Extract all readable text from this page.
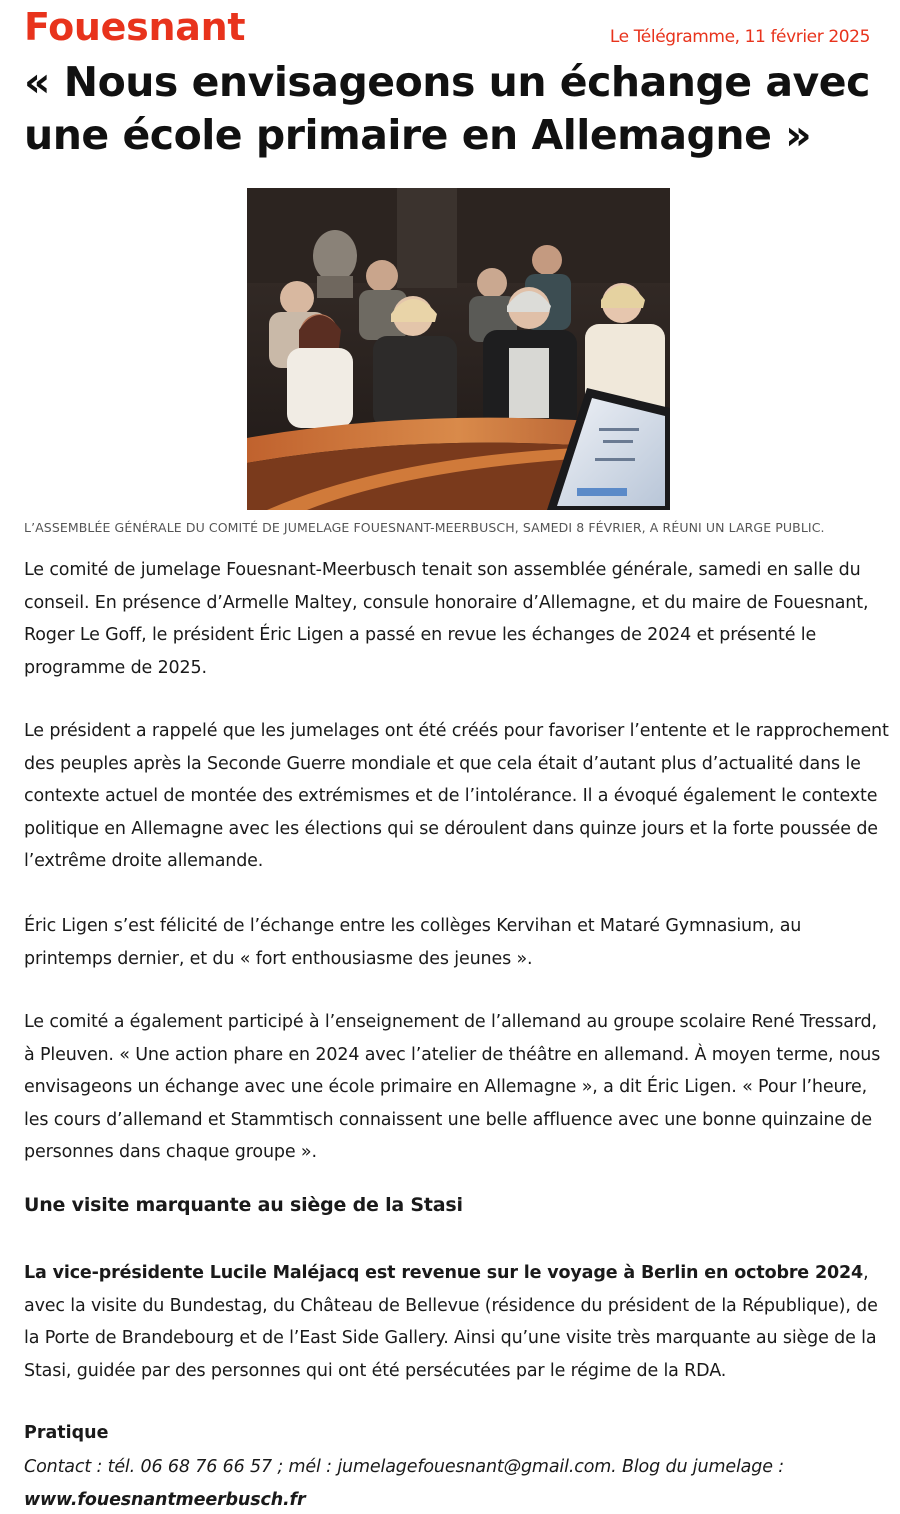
Fouesnant	Le Télégramme, 11 février 2025
« Nous envisageons un échange avec une école primaire en Allemagne »
L’ASSEMBLÉE GÉNÉRALE DU COMITÉ DE JUMELAGE FOUESNANT-MEERBUSCH, SAMEDI 8 FÉVRIER, A RÉUNI UN LARGE PUBLIC.

Le comité de jumelage Fouesnant-Meerbusch tenait son assemblée générale, samedi en salle du conseil. En présence d’Armelle Maltey, consule honoraire d’Allemagne, et du maire de Fouesnant, Roger Le Goff, le président Éric Ligen a passé en revue les échanges de 2024 et présenté le programme de 2025.

Le président a rappelé que les jumelages ont été créés pour favoriser l’entente et le rapprochement des peuples après la Seconde Guerre mondiale et que cela était d’autant plus d’actualité dans le contexte actuel de montée des extrémismes et de l’intolérance. Il a évoqué également le contexte politique en Allemagne avec les élections qui se déroulent dans quinze jours et la forte poussée de l’extrême droite allemande.

Éric Ligen s’est félicité de l’échange entre les collèges Kervihan et Mataré Gymnasium, au printemps dernier, et du « fort enthousiasme des jeunes ».

Le comité a également participé à l’enseignement de l’allemand au groupe scolaire René Tressard, à Pleuven. « Une action phare en 2024 avec l’atelier de théâtre en allemand. À moyen terme, nous envisageons un échange avec une école primaire en Allemagne », a dit Éric Ligen. « Pour l’heure, les cours d’allemand et Stammtisch connaissent une belle affluence avec une bonne quinzaine de personnes dans chaque groupe ».

Une visite marquante au siège de la Stasi

La vice-présidente Lucile Maléjacq est revenue sur le voyage à Berlin en octobre 2024, avec la visite du Bundestag, du Château de Bellevue (résidence du président de la République), de la Porte de Brandebourg et de l’East Side Gallery. Ainsi qu’une visite très marquante au siège de la Stasi, guidée par des personnes qui ont été persécutées par le régime de la RDA.

Pratique

Contact : tél. 06 68 76 66 57 ; mél : jumelagefouesnant@gmail.com. Blog du jumelage :
www.fouesnantmeerbusch.fr
